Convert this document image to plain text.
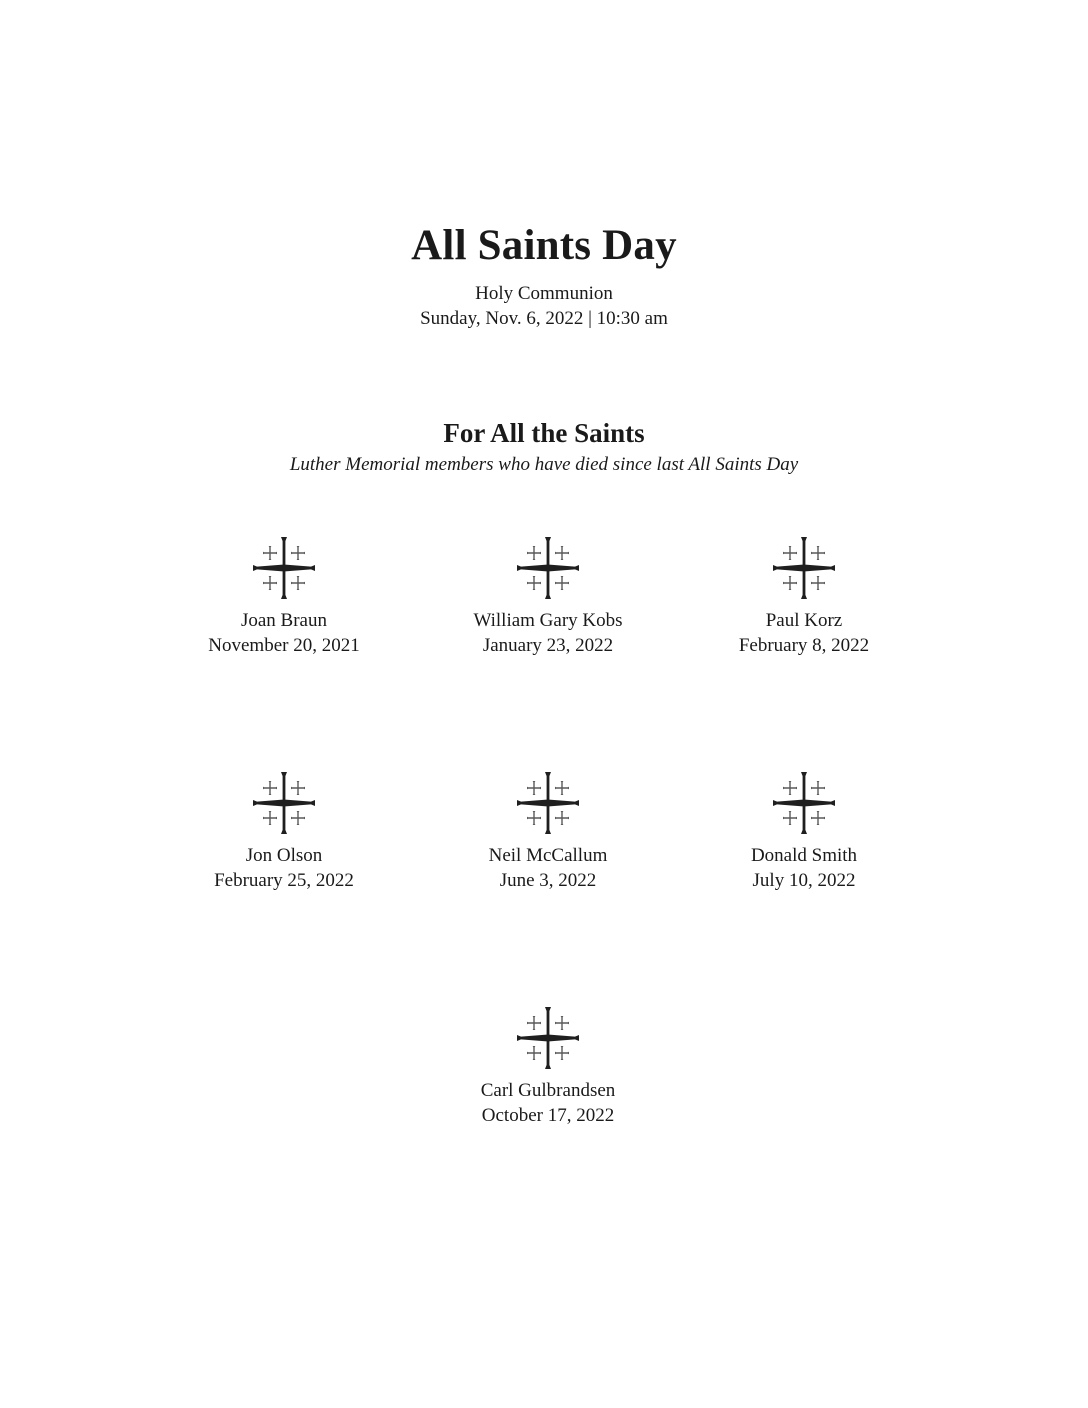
All Saints Day
Holy Communion
Sunday, Nov. 6, 2022 | 10:30 am
For All the Saints
Luther Memorial members who have died since last All Saints Day
Joan Braun
November 20, 2021
William Gary Kobs
January 23, 2022
Paul Korz
February 8, 2022
Jon Olson
February 25, 2022
Neil McCallum
June 3, 2022
Donald Smith
July 10, 2022
Carl Gulbrandsen
October 17, 2022
